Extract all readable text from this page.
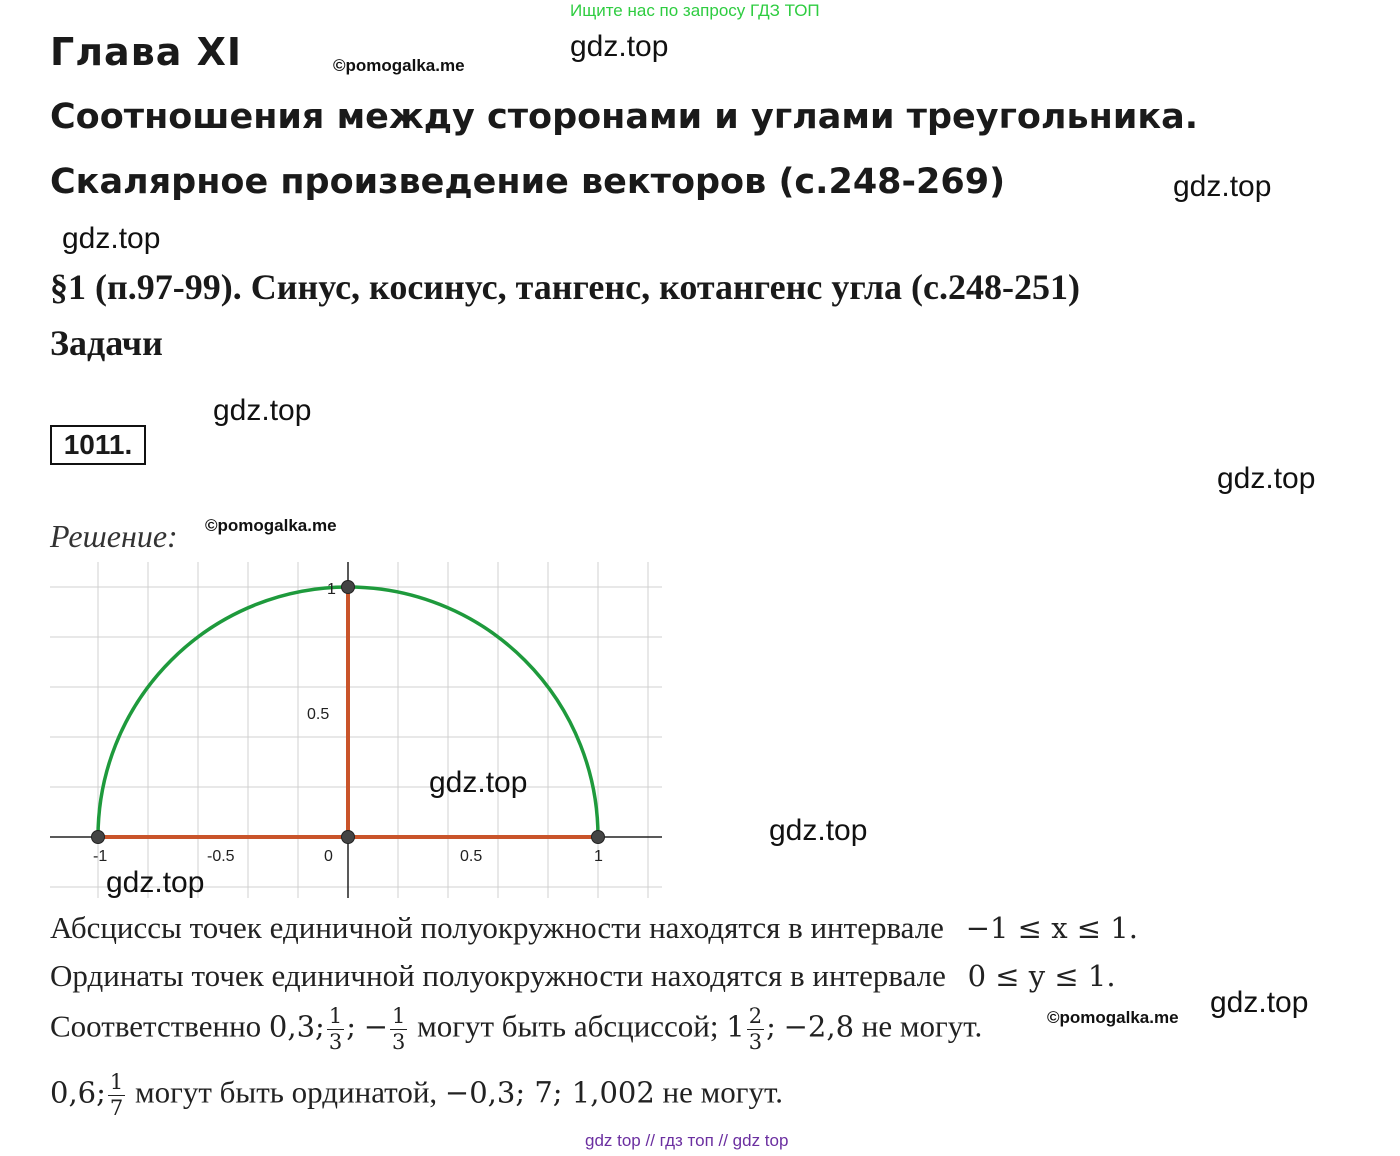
Ищите нас по запросу ГДЗ ТОП
Глава XI	©pomogalka.me
gdz.top
Соотношения между сторонами и углами треугольника.
Скалярное произведение векторов (с.248-269)	gdz.top
gdz.top
§1 (п.97-99). Синус, косинус, тангенс, котангенс угла (с.248-251)
Задачи
gdz.top
1011.
gdz.top
Решение: ©pomogalka.me
-1	-0.5	0	0.5	1
0.5
1
gdz.top
gdz.top
gdz.top
Абсциссы точек единичной полуокружности находятся в интервале −1 ≤ x ≤ 1.
Ординаты точек единичной полуокружности находятся в интервале 0 ≤ y ≤ 1.
©pomogalka.me gdz.top
Соответственно 0,3; $\frac{1}{3}$ ; − $\frac{1}{3}$ могут быть абсциссой; $1 \frac{2}{3}$ ; −2,8 не могут.
0,6; $\frac{1}{7}$ могут быть ординатой, −0,3; 7; 1,002 не могут.
gdz top // гдз топ // gdz top
